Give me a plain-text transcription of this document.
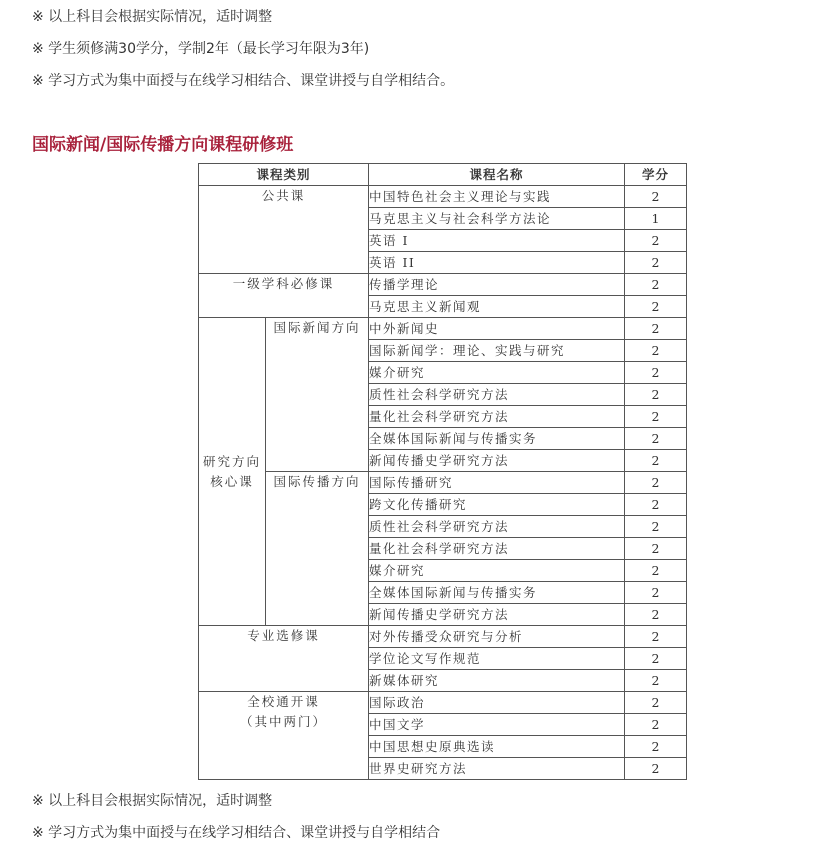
※ 以上科目会根据实际情况，适时调整
※ 学生须修满30学分，学制2年（最长学习年限为3年)
※ 学习方式为集中面授与在线学习相结合、课堂讲授与自学相结合。
国际新闻/国际传播方向课程研修班
课程类别		课程名称	学分
公共课		中国特色社会主义理论与实践	2
		马克思主义与社会科学方法论	1
		英语 I	2
		英语 II	2
一级学科必修课		传播学理论	2
		马克思主义新闻观	2
研究方向
核心课	国际新闻方向	中外新闻史	2
		国际新闻学：理论、实践与研究	2
		媒介研究	2
		质性社会科学研究方法	2
		量化社会科学研究方法	2
		全媒体国际新闻与传播实务	2
		新闻传播史学研究方法	2
	国际传播方向	国际传播研究	2
		跨文化传播研究	2
		质性社会科学研究方法	2
		量化社会科学研究方法	2
		媒介研究	2
		全媒体国际新闻与传播实务	2
		新闻传播史学研究方法	2
专业选修课		对外传播受众研究与分析	2
		学位论文写作规范	2
		新媒体研究	2
全校通开课
（其中两门）		国际政治	2
		中国文学	2
		中国思想史原典选读	2
		世界史研究方法	2
※ 以上科目会根据实际情况，适时调整
※ 学习方式为集中面授与在线学习相结合、课堂讲授与自学相结合
